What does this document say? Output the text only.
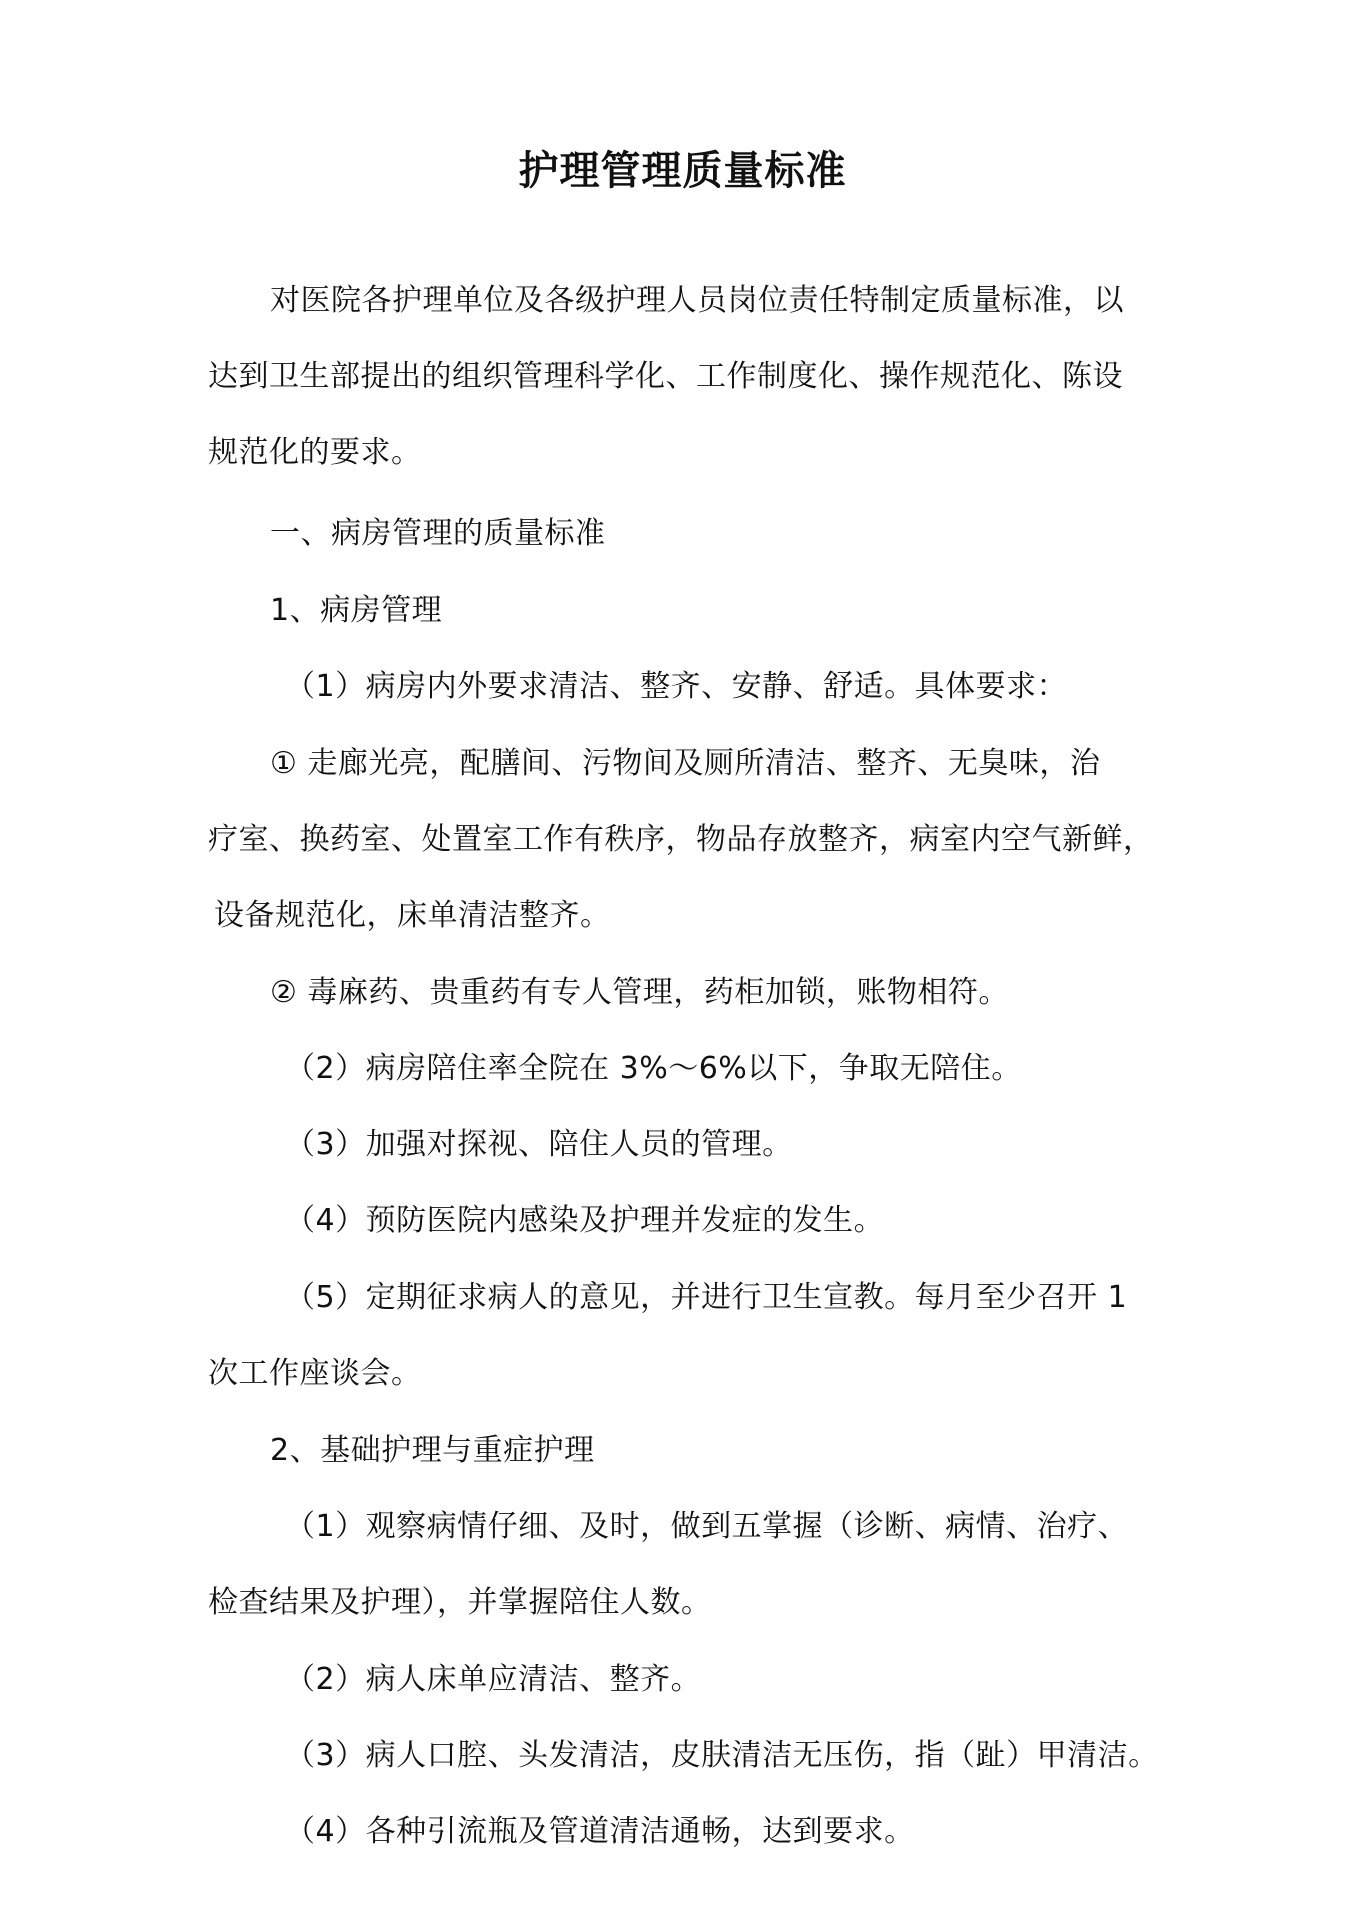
护理管理质量标准
对医院各护理单位及各级护理人员岗位责任特制定质量标准，以
达到卫生部提出的组织管理科学化、工作制度化、操作规范化、陈设
规范化的要求。
一、病房管理的质量标准
1、病房管理
（1）病房内外要求清洁、整齐、安静、舒适。具体要求：
① 走廊光亮，配膳间、污物间及厕所清洁、整齐、无臭味，治
疗室、换药室、处置室工作有秩序，物品存放整齐，病室内空气新鲜，
设备规范化，床单清洁整齐。
② 毒麻药、贵重药有专人管理，药柜加锁，账物相符。
（2）病房陪住率全院在 3%～6%以下，争取无陪住。
（3）加强对探视、陪住人员的管理。
（4）预防医院内感染及护理并发症的发生。
（5）定期征求病人的意见，并进行卫生宣教。每月至少召开 1
次工作座谈会。
2、基础护理与重症护理
（1）观察病情仔细、及时，做到五掌握（诊断、病情、治疗、
检查结果及护理），并掌握陪住人数。
（2）病人床单应清洁、整齐。
（3）病人口腔、头发清洁，皮肤清洁无压伤，指（趾）甲清洁。
（4）各种引流瓶及管道清洁通畅，达到要求。
